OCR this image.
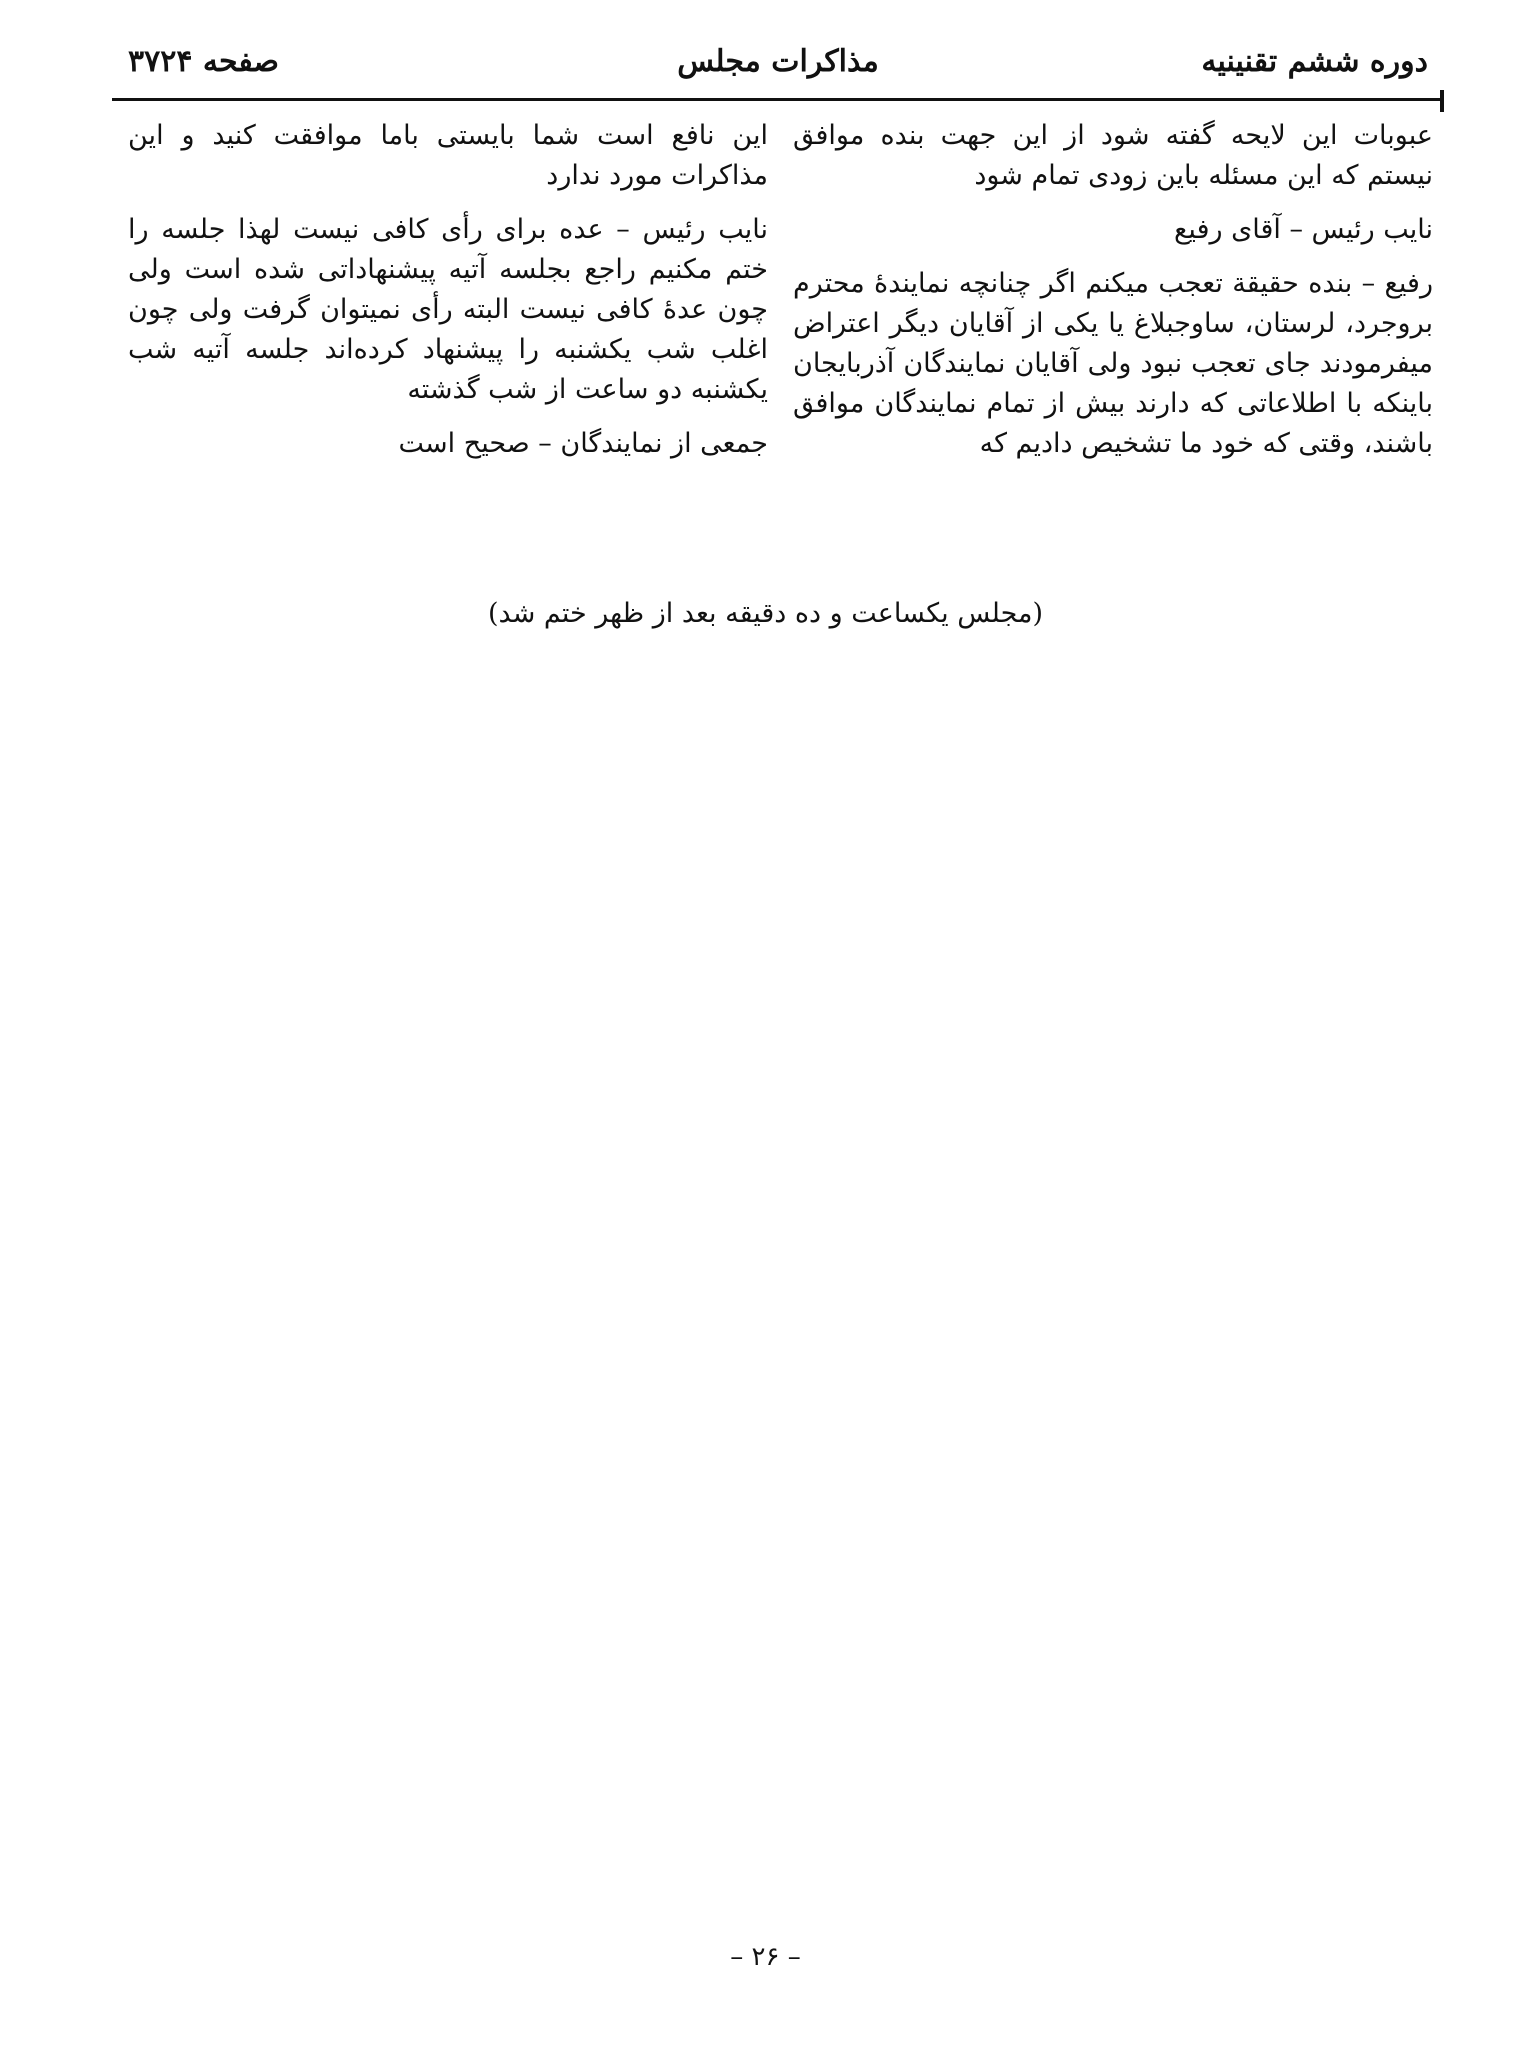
دوره ششم تقنینیه
مذاکرات مجلس
صفحه ۳۷۲۴

عبوبات این لایحه گفته شود از این جهت بنده موافق نیستم که این مسئله باین زودی تمام شود

نایب رئیس – آقای رفیع

رفیع – بنده حقیقة تعجب میکنم اگر چنانچه نمایندهٔ محترم بروجرد، لرستان، ساوجبلاغ یا یکی از آقایان دیگر اعتراض میفرمودند جای تعجب نبود ولی آقایان نمایندگان آذربایجان باینکه با اطلاعاتی که دارند بیش از تمام نمایندگان موافق باشند، وقتی که خود ما تشخیص دادیم که

این نافع است شما بایستی باما موافقت کنید و این مذاکرات مورد ندارد

نایب رئیس – عده برای رأی کافی نیست لهذا جلسه را ختم مکنیم راجع بجلسه آتیه پیشنهاداتی شده است ولی چون عدهٔ کافی نیست البته رأی نمیتوان گرفت ولی چون اغلب شب یکشنبه را پیشنهاد کرده‌اند جلسه آتیه شب یکشنبه دو ساعت از شب گذشته

جمعی از نمایندگان – صحیح است

(مجلس یکساعت و ده دقیقه بعد از ظهر ختم شد)
– ۲۶ –
